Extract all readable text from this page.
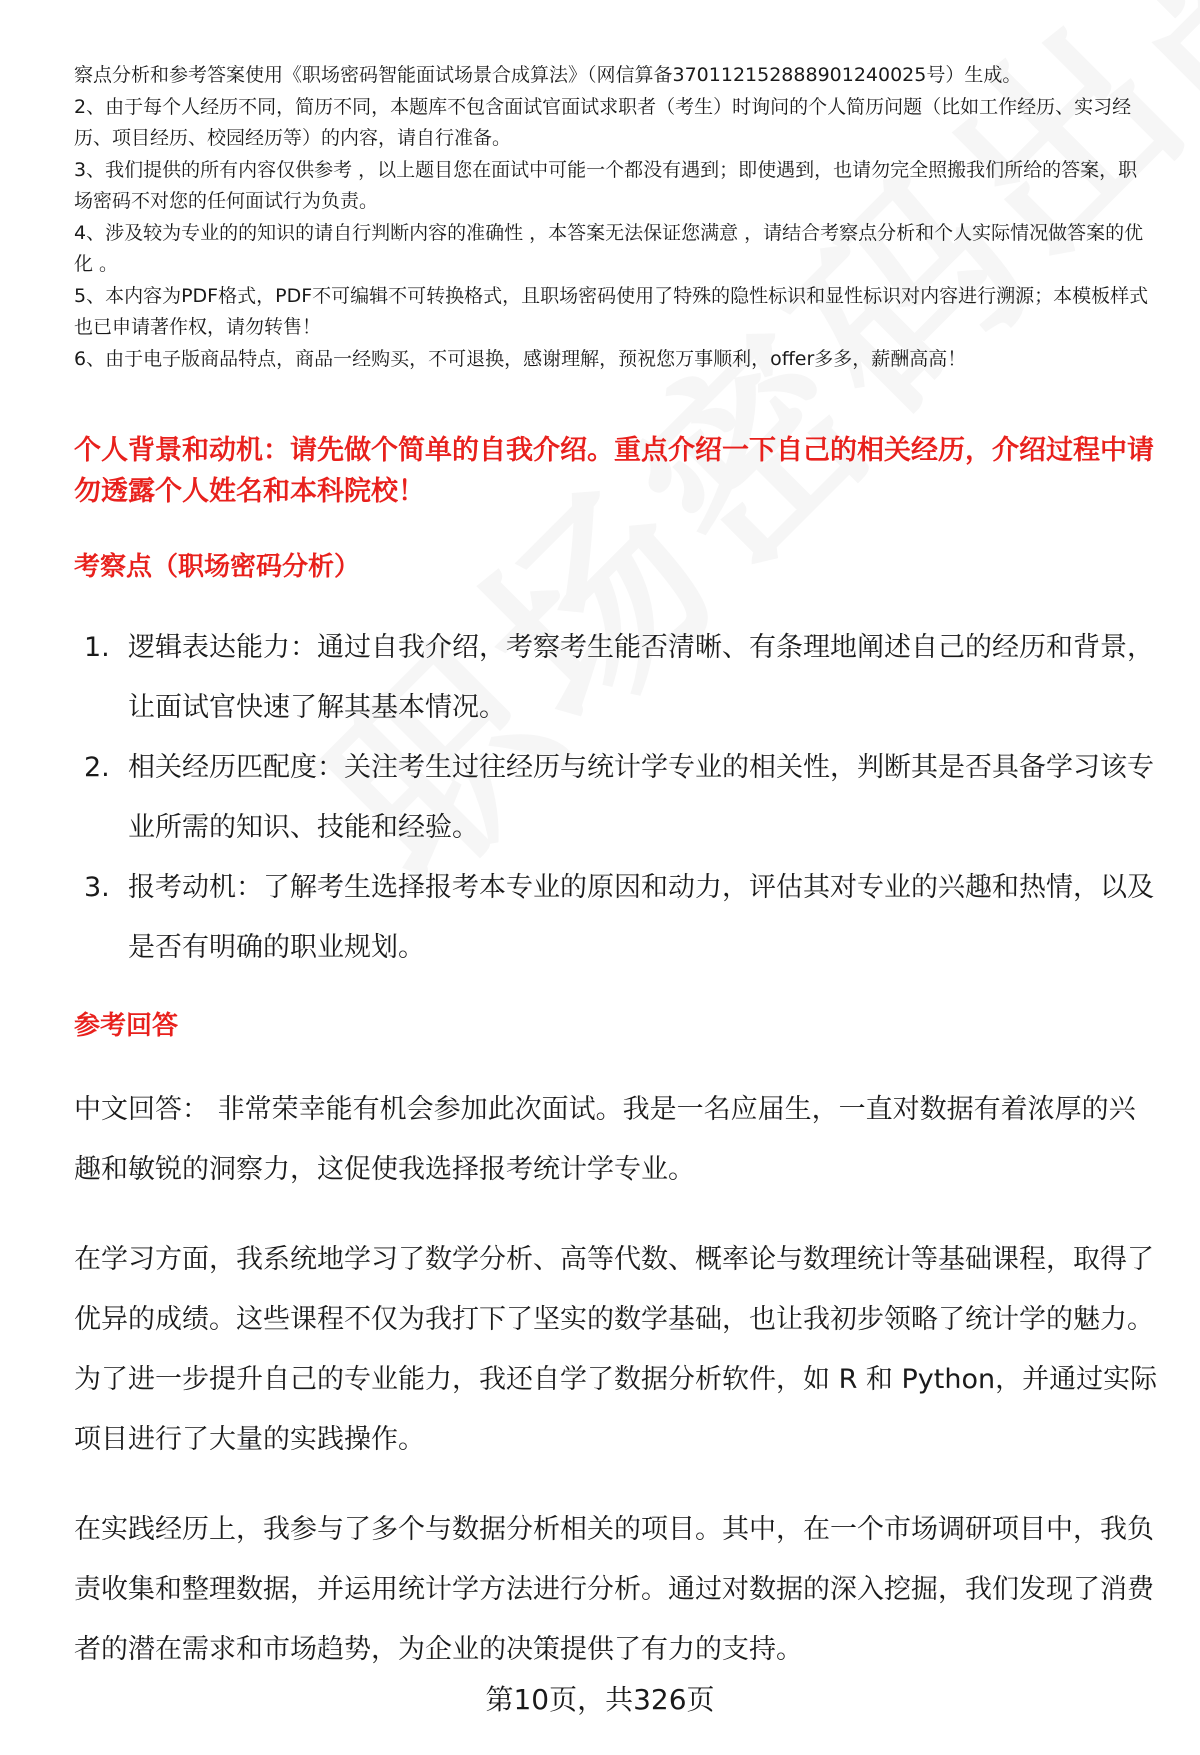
察点分析和参考答案使用《职场密码智能面试场景合成算法》（网信算备370112152888901240025号）生成。

2、由于每个人经历不同，简历不同，本题库不包含面试官面试求职者（考生）时询问的个人简历问题（比如工作经历、实习经历、项目经历、校园经历等）的内容，请自行准备。

3、我们提供的所有内容仅供参考 ，以上题目您在面试中可能一个都没有遇到；即使遇到，也请勿完全照搬我们所给的答案，职场密码不对您的任何面试行为负责。

4、涉及较为专业的的知识的请自行判断内容的准确性 ，本答案无法保证您满意 ，请结合考察点分析和个人实际情况做答案的优化 。

5、本内容为PDF格式，PDF不可编辑不可转换格式，且职场密码使用了特殊的隐性标识和显性标识对内容进行溯源；本模板样式也已申请著作权，请勿转售！

6、由于电子版商品特点，商品一经购买，不可退换，感谢理解，预祝您万事顺利，offer多多，薪酬高高！

个人背景和动机：请先做个简单的自我介绍。重点介绍一下自己的相关经历，介绍过程中请勿透露个人姓名和本科院校！
考察点（职场密码分析）
1. 逻辑表达能力：通过自我介绍，考察考生能否清晰、有条理地阐述自己的经历和背景，让面试官快速了解其基本情况。
2. 相关经历匹配度：关注考生过往经历与统计学专业的相关性，判断其是否具备学习该专业所需的知识、技能和经验。
3. 报考动机：了解考生选择报考本专业的原因和动力，评估其对专业的兴趣和热情，以及是否有明确的职业规划。
参考回答

中文回答： 非常荣幸能有机会参加此次面试。我是一名应届生，一直对数据有着浓厚的兴趣和敏锐的洞察力，这促使我选择报考统计学专业。

在学习方面，我系统地学习了数学分析、高等代数、概率论与数理统计等基础课程，取得了优异的成绩。这些课程不仅为我打下了坚实的数学基础，也让我初步领略了统计学的魅力。为了进一步提升自己的专业能力，我还自学了数据分析软件，如 R 和 Python，并通过实际项目进行了大量的实践操作。

在实践经历上，我参与了多个与数据分析相关的项目。其中，在一个市场调研项目中，我负责收集和整理数据，并运用统计学方法进行分析。通过对数据的深入挖掘，我们发现了消费者的潜在需求和市场趋势，为企业的决策提供了有力的支持。

第10页，共326页
